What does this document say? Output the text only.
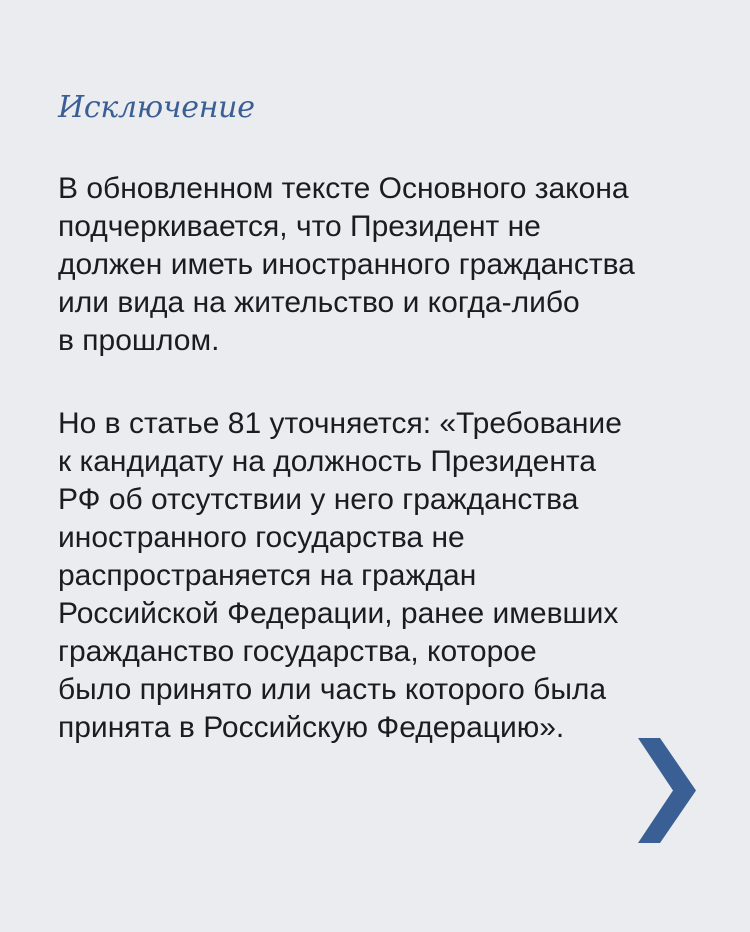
Исключение

В обновленном тексте Основного закона
подчеркивается, что Президент не
должен иметь иностранного гражданства
или вида на жительство и когда-либо
в прошлом.

Но в статье 81 уточняется: «Требование
к кандидату на должность Президента
РФ об отсутствии у него гражданства
иностранного государства не
распространяется на граждан
Российской Федерации, ранее имевших
гражданство государства, которое
было принято или часть которого была
принята в Российскую Федерацию».
